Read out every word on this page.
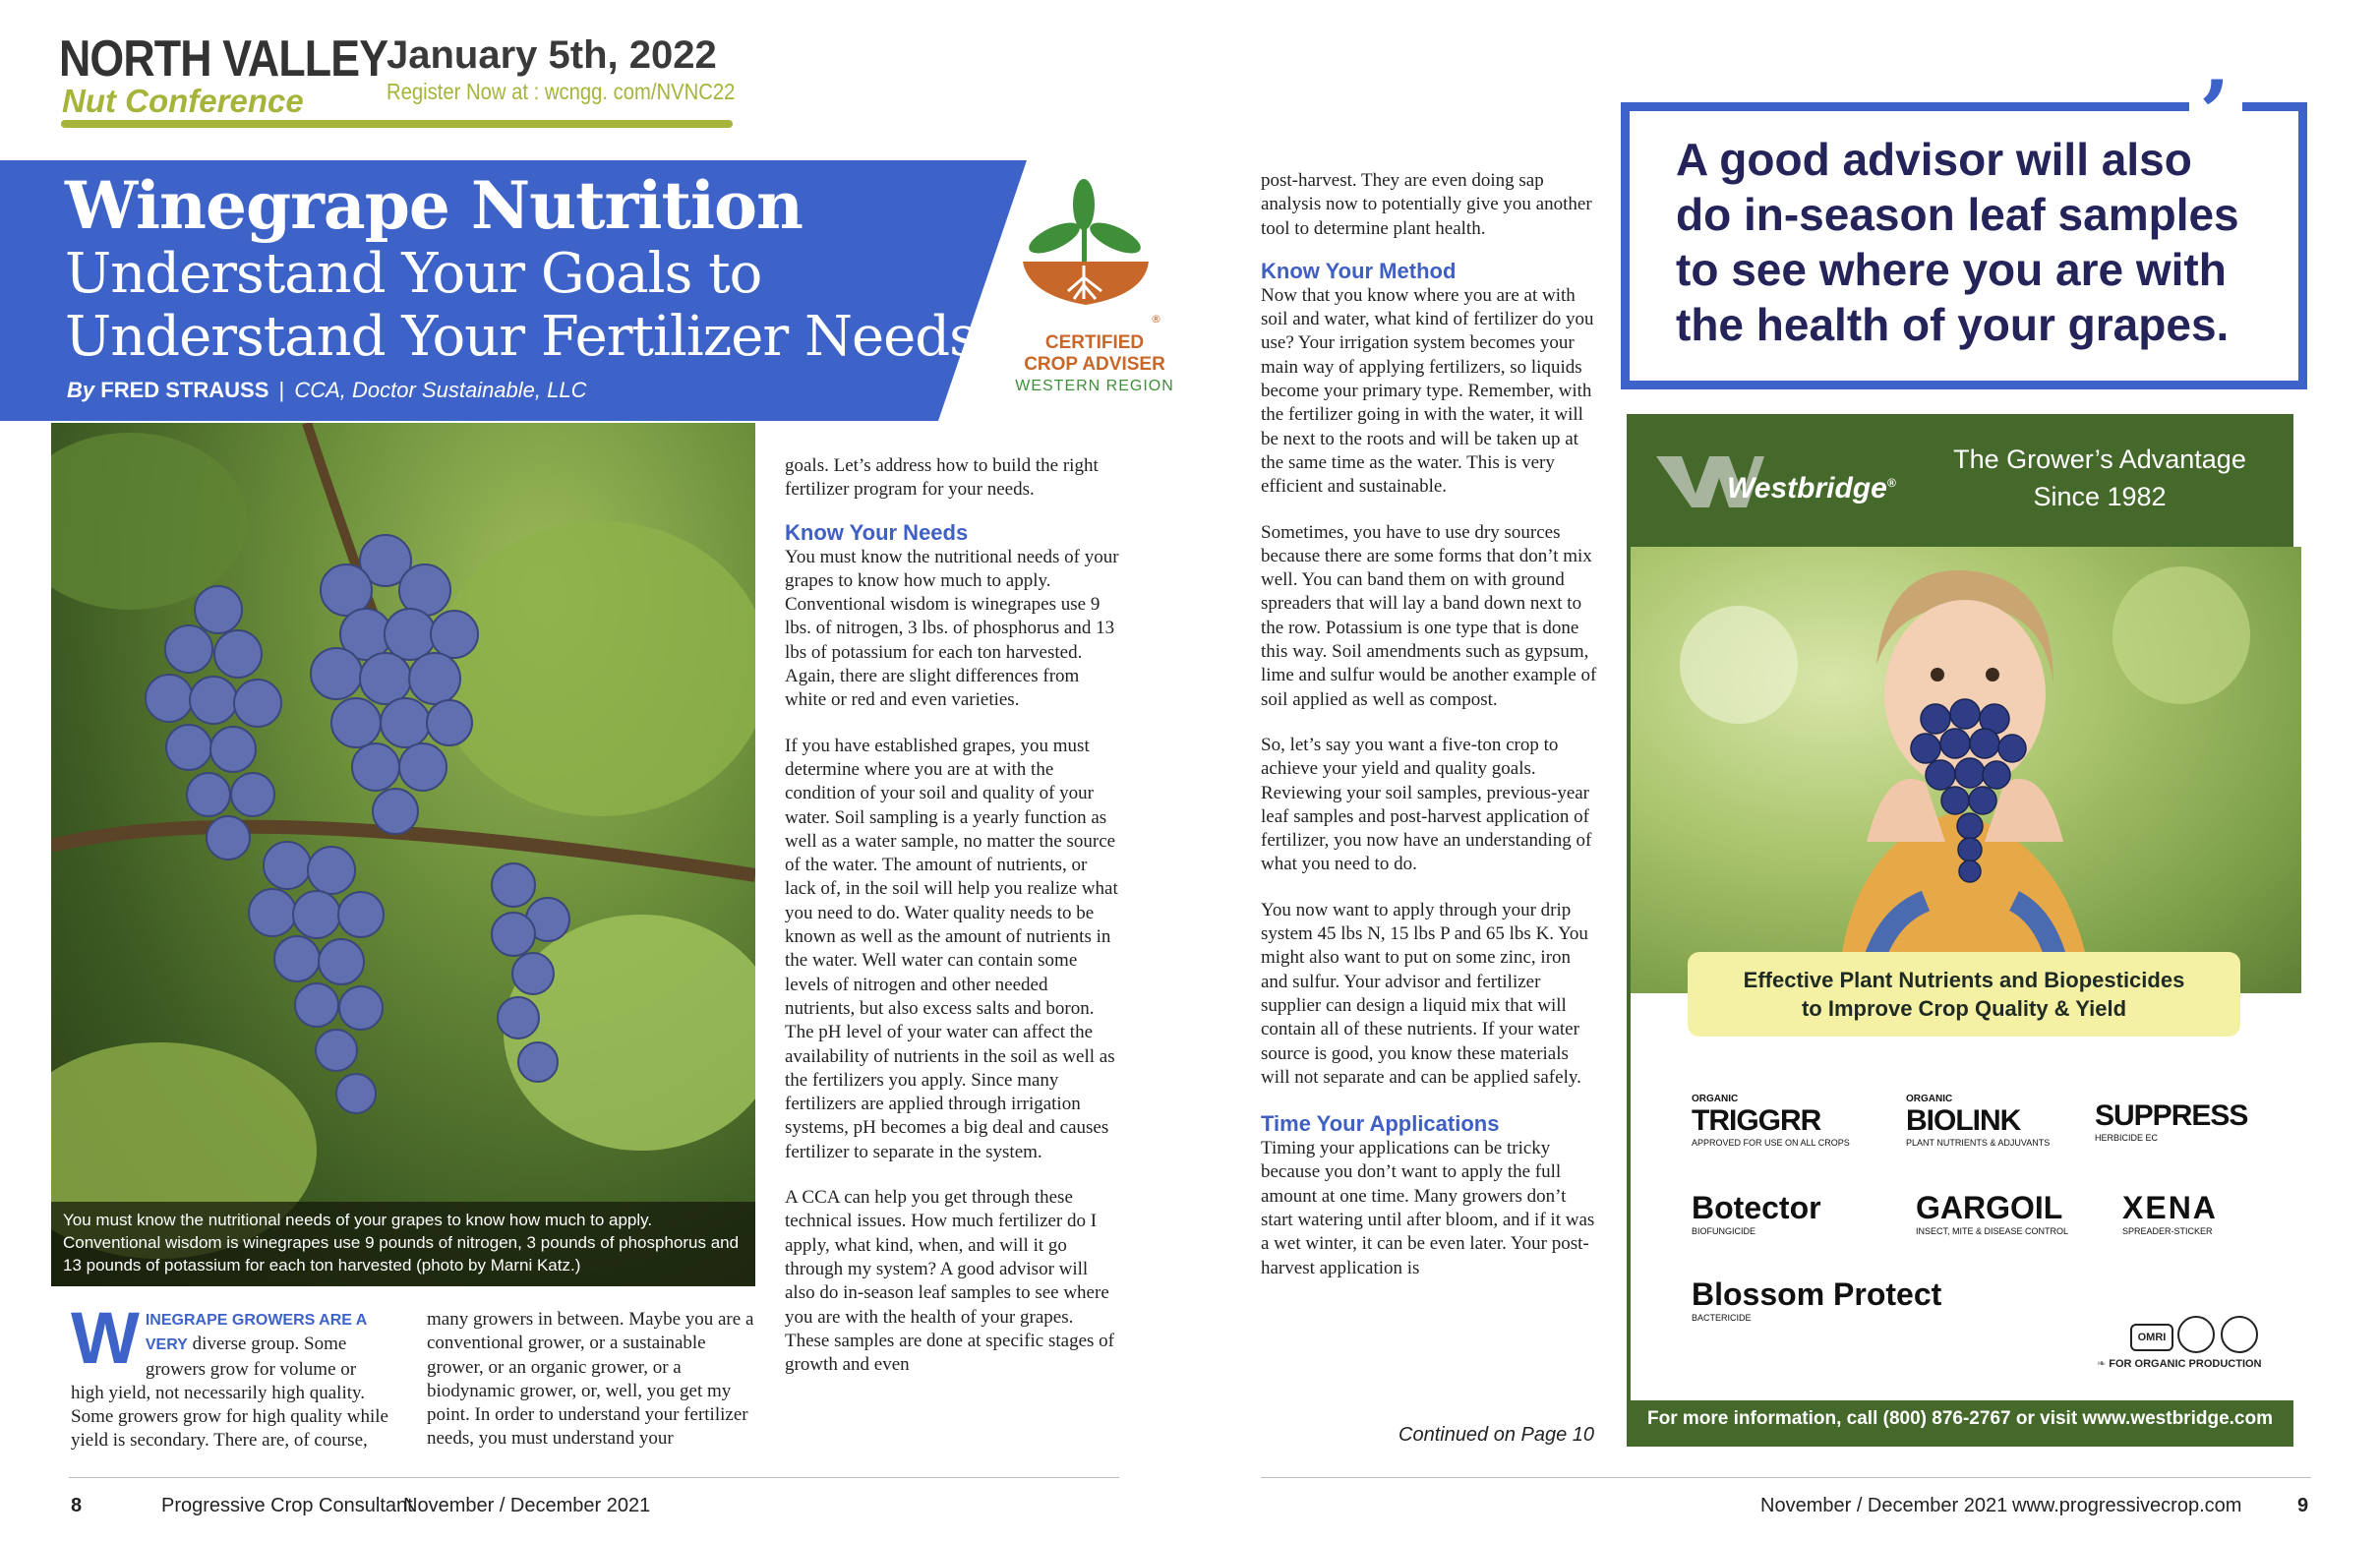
NORTH VALLEY
Nut Conference
January 5th, 2022
Register Now at : wcngg. com/NVNC22
Winegrape Nutrition
Understand Your Goals to
Understand Your Fertilizer Needs
By FRED STRAUSS | CCA, Doctor Sustainable, LLC
®
CERTIFIED
CROP ADVISER
WESTERN REGION
You must know the nutritional needs of your grapes to know how much to apply. Conventional wisdom is winegrapes use 9 pounds of nitrogen, 3 pounds of phosphorus and 13 pounds of potassium for each ton harvested (photo by Marni Katz.)

W INEGRAPE GROWERS ARE A VERY diverse group. Some growers grow for volume or high yield, not necessarily high quality. Some growers grow for high quality while yield is secondary. There are, of course,

many growers in between. Maybe you are a conventional grower, or a sustainable grower, or an organic grower, or a biodynamic grower, or, well, you get my point. In order to understand your fertilizer needs, you must understand your

goals. Let’s address how to build the right fertilizer program for your needs.

Know Your Needs

You must know the nutritional needs of your grapes to know how much to apply. Conventional wisdom is winegrapes use 9 lbs. of nitrogen, 3 lbs. of phosphorus and 13 lbs of potassium for each ton harvested. Again, there are slight differences from white or red and even varieties.

If you have established grapes, you must determine where you are at with the condition of your soil and quality of your water. Soil sampling is a yearly function as well as a water sample, no matter the source of the water. The amount of nutrients, or lack of, in the soil will help you realize what you need to do. Water quality needs to be known as well as the amount of nutrients in the water. Well water can contain some levels of nitrogen and other needed nutrients, but also excess salts and boron. The pH level of your water can affect the availability of nutrients in the soil as well as the fertilizers you apply. Since many fertilizers are applied through irrigation systems, pH becomes a big deal and causes fertilizer to separate in the system.

A CCA can help you get through these technical issues. How much fertilizer do I apply, what kind, when, and will it go through my system? A good advisor will also do in-season leaf samples to see where you are with the health of your grapes. These samples are done at specific stages of growth and even

8	Progressive Crop Consultant
November / December 2021

post-harvest. They are even doing sap analysis now to potentially give you another tool to determine plant health.

Know Your Method

Now that you know where you are at with soil and water, what kind of fertilizer do you use? Your irrigation system becomes your main way of applying fertilizers, so liquids become your primary type. Remember, with the fertilizer going in with the water, it will be next to the roots and will be taken up at the same time as the water. This is very efficient and sustainable.

Sometimes, you have to use dry sources because there are some forms that don’t mix well. You can band them on with ground spreaders that will lay a band down next to the row. Potassium is one type that is done this way. Soil amendments such as gypsum, lime and sulfur would be another example of soil applied as well as compost.

So, let’s say you want a five-ton crop to achieve your yield and quality goals. Reviewing your soil samples, previous-year leaf samples and post-harvest application of fertilizer, you now have an understanding of what you need to do.

You now want to apply through your drip system 45 lbs N, 15 lbs P and 65 lbs K. You might also want to put on some zinc, iron and sulfur. Your advisor and fertilizer supplier can design a liquid mix that will contain all of these nutrients. If your water source is good, you know these materials will not separate and can be applied safely.

Time Your Applications

Timing your applications can be tricky because you don’t want to apply the full amount at one time. Many growers don’t start watering until after bloom, and if it was a wet winter, it can be even later. Your post-harvest application is

Continued on Page 10
’
A good advisor will also do in-season leaf samples to see where you are with the health of your grapes.
Westbridge®
The Grower’s Advantage
Since 1982
Effective Plant Nutrients and Biopesticides
to Improve Crop Quality & Yield
ORGANIC
TRIGGRR
APPROVED FOR USE ON ALL CROPS
ORGANIC
BIOLINK
PLANT NUTRIENTS & ADJUVANTS
SUPPRESS
HERBICIDE EC
Botector
BIOFUNGICIDE
GARGOIL
INSECT, MITE & DISEASE CONTROL
XENA
SPREADER-STICKER
Blossom Protect
BACTERICIDE
OMRI
❧ FOR ORGANIC PRODUCTION
For more information, call (800) 876-2767 or visit www.westbridge.com
November / December 2021 www.progressivecrop.com	9
